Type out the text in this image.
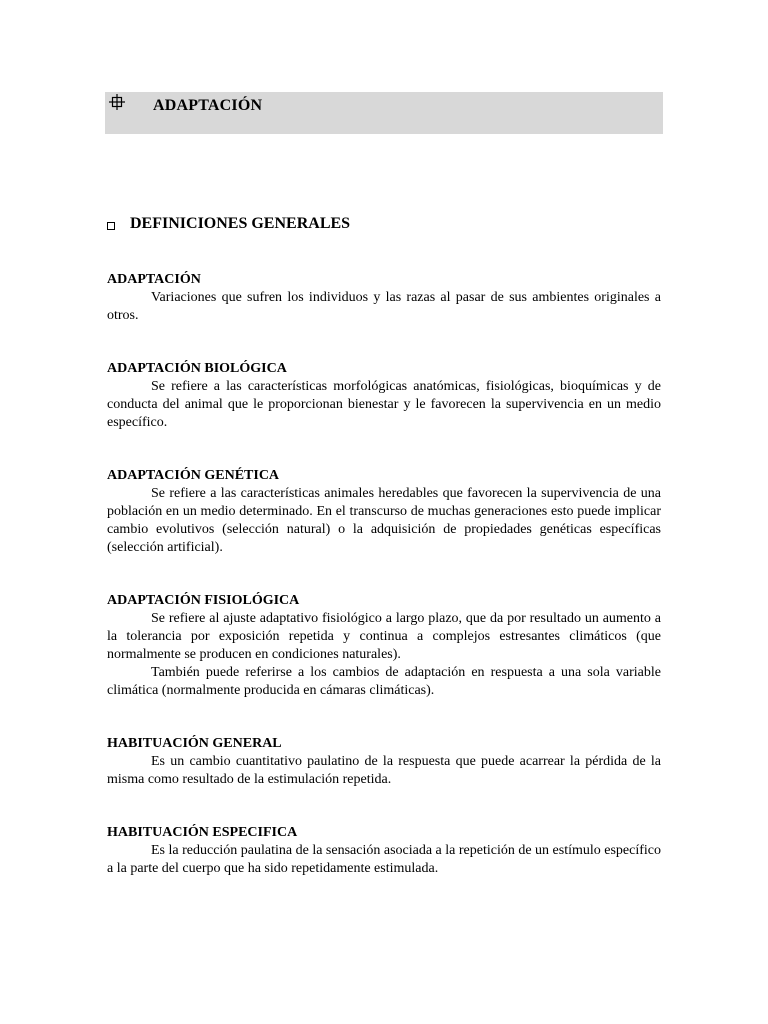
ADAPTACIÓN
DEFINICIONES GENERALES
ADAPTACIÓN

Variaciones que sufren los individuos y las razas al pasar de sus ambientes originales a otros.

ADAPTACIÓN BIOLÓGICA

Se refiere a las características morfológicas anatómicas, fisiológicas, bioquímicas y de conducta del animal que le proporcionan bienestar y le favorecen la supervivencia en un medio específico.

ADAPTACIÓN GENÉTICA

Se refiere a las características animales heredables que favorecen la supervivencia de una población en un medio determinado. En el transcurso de muchas generaciones esto puede implicar cambio evolutivos (selección natural) o la adquisición de propiedades genéticas específicas (selección artificial).

ADAPTACIÓN FISIOLÓGICA

Se refiere al ajuste adaptativo fisiológico a largo plazo, que da por resultado un aumento a la tolerancia por exposición repetida y continua a complejos estresantes climáticos (que normalmente se producen en condiciones naturales).

También puede referirse a los cambios de adaptación en respuesta a una sola variable climática (normalmente producida en cámaras climáticas).

HABITUACIÓN GENERAL

Es un cambio cuantitativo paulatino de la respuesta que puede acarrear la pérdida de la misma como resultado de la estimulación repetida.

HABITUACIÓN ESPECIFICA

Es la reducción paulatina de la sensación asociada a la repetición de un estímulo específico a la parte del cuerpo que ha sido repetidamente estimulada.
